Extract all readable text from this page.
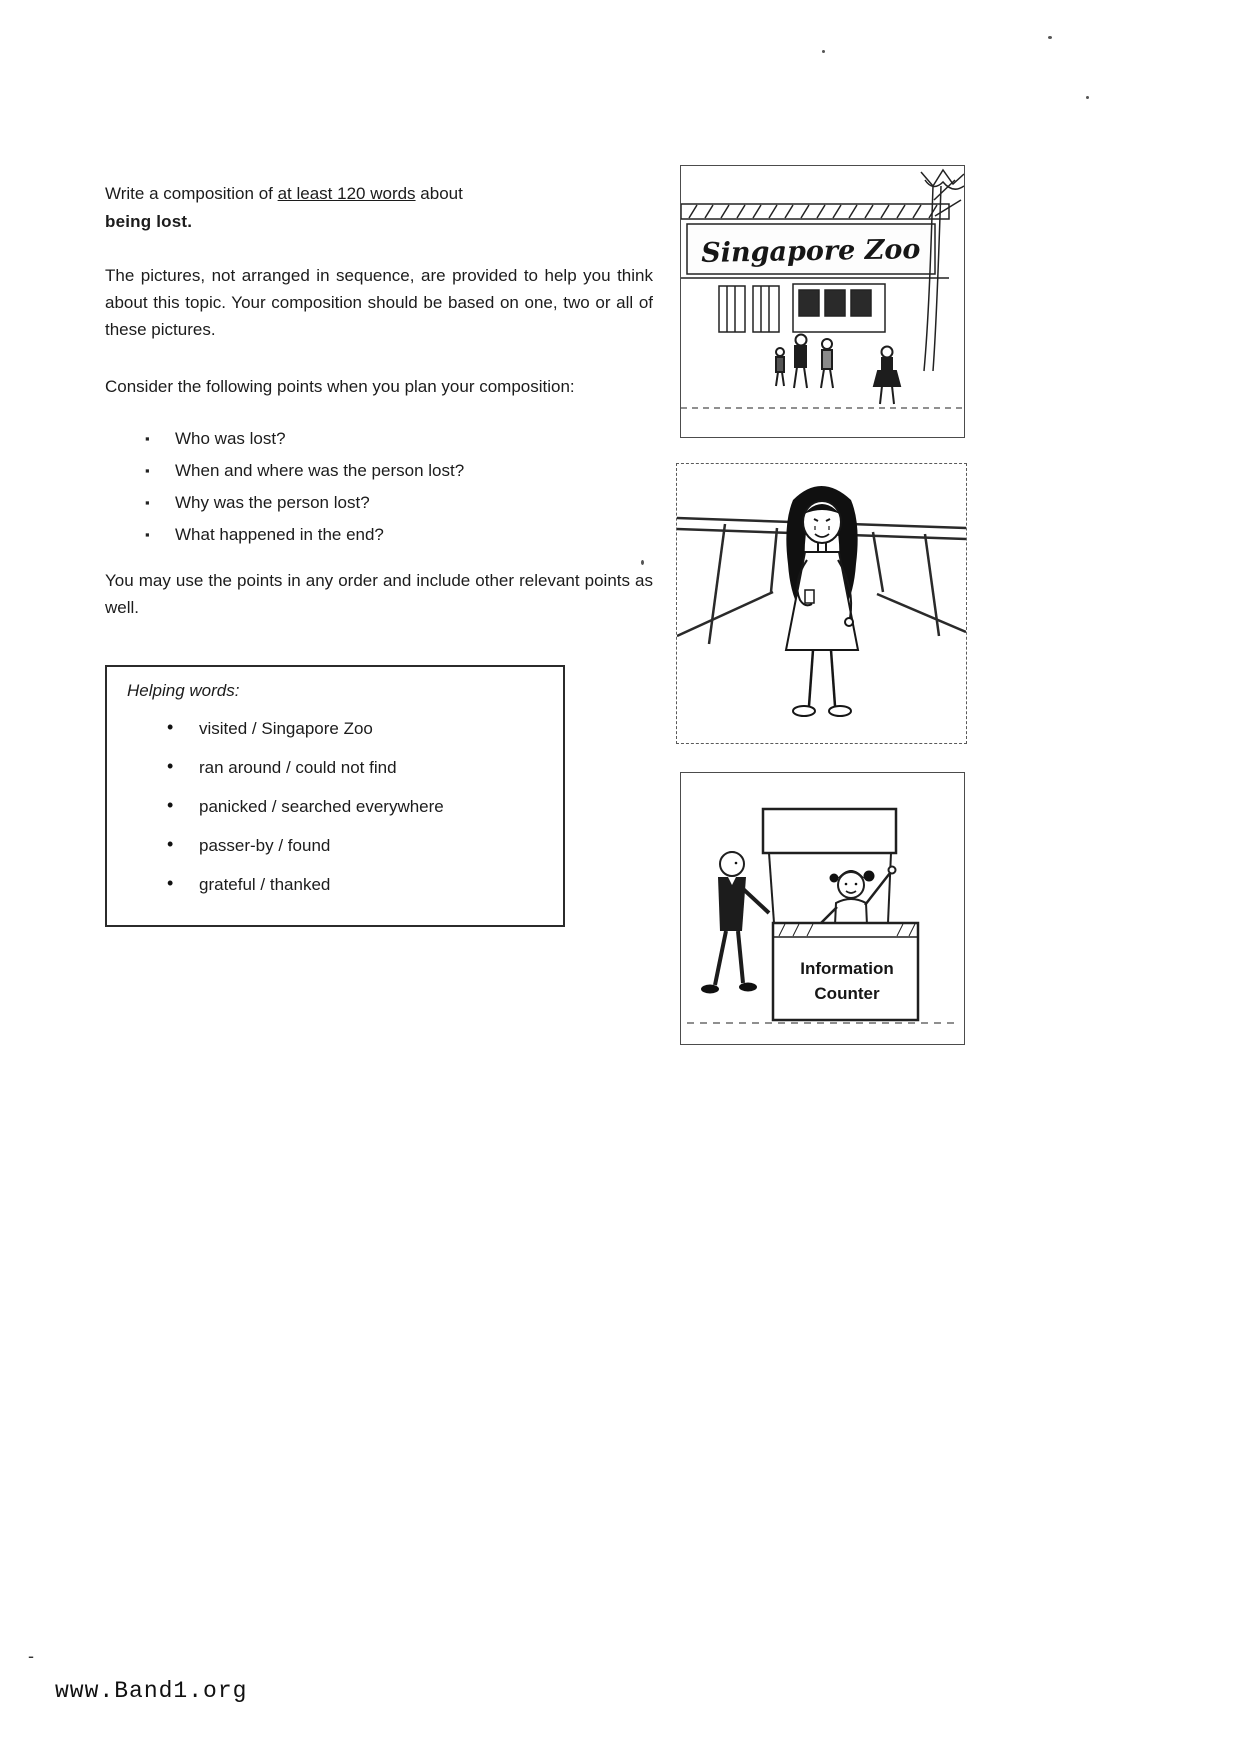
Write a composition of at least 120 words about
being lost.

The pictures, not arranged in sequence, are provided to help you think about this topic. Your composition should be based on one, two or all of these pictures.

Consider the following points when you plan your composition:

▪ Who was lost?
▪ When and where was the person lost?
▪ Why was the person lost?
▪ What happened in the end?

You may use the points in any order and include other relevant points as well.

Helping words:
• visited / Singapore Zoo
• ran around / could not find
• panicked / searched everywhere
• passer-by / found
• grateful / thanked
Singapore Zoo
Information
Counter
-
www.Band1.org
